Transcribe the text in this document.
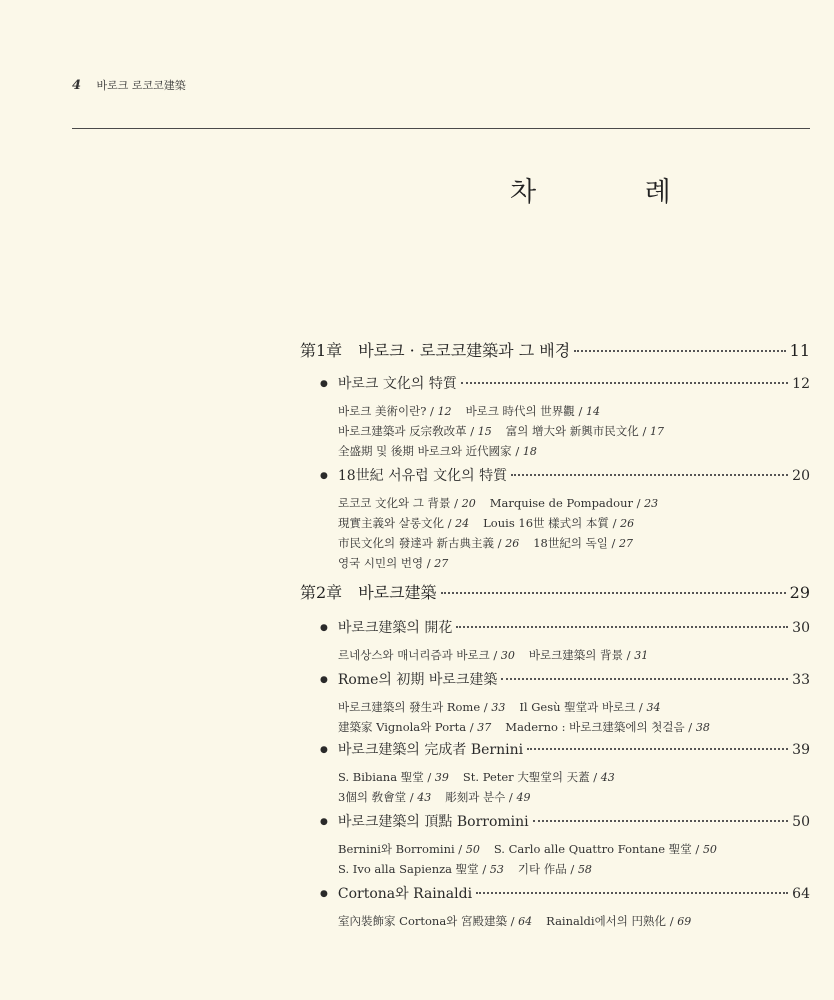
4 바로크 로코코建築
차 례
第1章 바로크 · 로코코建築과 그 배경	11
● 바로크 文化의 特質	12
바로크 美術이란? / 12 바로크 時代의 世界觀 / 14
바로크建築과 反宗敎改革 / 15 富의 增大와 新興市民文化 / 17
全盛期 및 後期 바로크와 近代國家 / 18
● 18世紀 서유럽 文化의 特質	20
로코코 文化와 그 背景 / 20 Marquise de Pompadour / 23
現實主義와 살롱文化 / 24 Louis 16世 樣式의 本質 / 26
市民文化의 發達과 新古典主義 / 26 18世紀의 독일 / 27
영국 시민의 번영 / 27
第2章 바로크建築	29
● 바로크建築의 開花	30
르네상스와 매너리즘과 바로크 / 30 바로크建築의 背景 / 31
● Rome의 初期 바로크建築	33
바로크建築의 發生과 Rome / 33 Il Gesù 聖堂과 바로크 / 34
建築家 Vignola와 Porta / 37 Maderno : 바로크建築에의 첫걸음 / 38
● 바로크建築의 完成者 Bernini	39
S. Bibiana 聖堂 / 39 St. Peter 大聖堂의 天蓋 / 43
3個의 敎會堂 / 43 彫刻과 분수 / 49
● 바로크建築의 頂點 Borromini	50
Bernini와 Borromini / 50 S. Carlo alle Quattro Fontane 聖堂 / 50
S. Ivo alla Sapienza 聖堂 / 53 기타 作品 / 58
● Cortona와 Rainaldi	64
室內裝飾家 Cortona와 宮殿建築 / 64 Rainaldi에서의 円熟化 / 69
